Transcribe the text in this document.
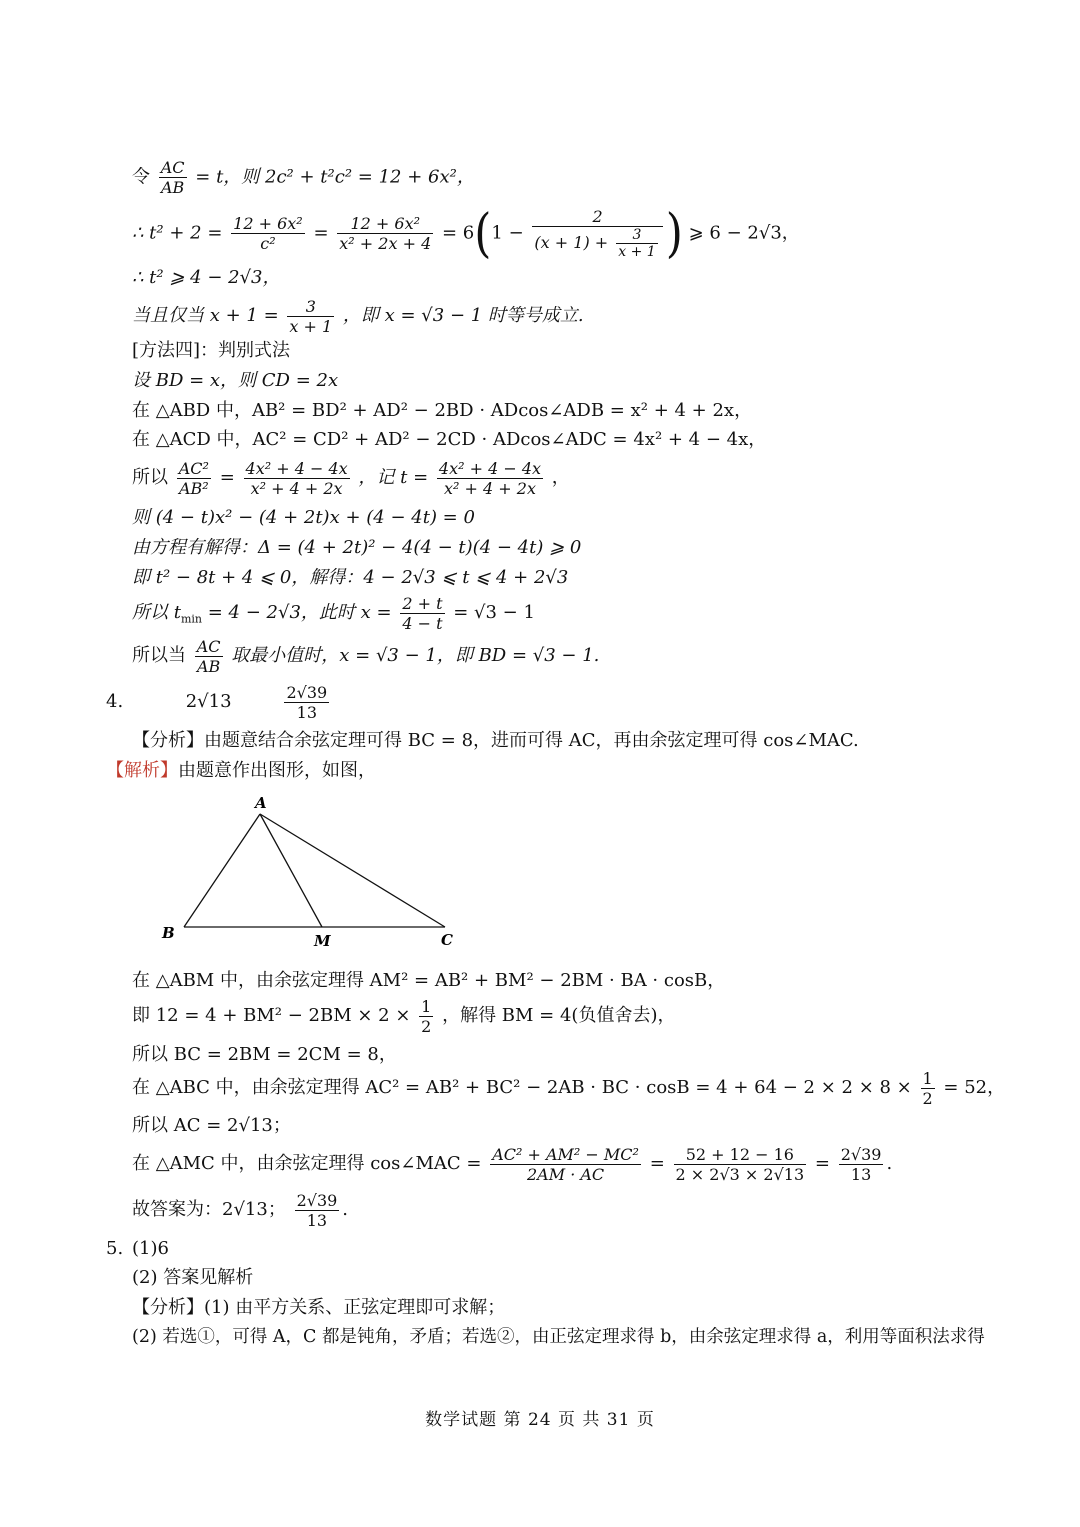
令 $\frac{AC}{AB} = t$，则 2c² + t²c² = 12 + 6x²，
∴ $t^2 + 2 = \frac{\text{12 + 6x²}}{\text{c²}} = \frac{\text{12 + 6x²}}{\text{x² + 2x + 4}} = 6(1 - \frac{2}{(x + 1) + \frac{3}{x + 1}}$ ) ⩾ 6 − 2√3，
∴ t² ⩾ 4 − 2√3，
当且仅当 $x + 1 = \frac{3}{x + 1}$ ，即 x = √3 − 1 时等号成立.
[方法四]：判别式法
设 BD = x，则 CD = 2x
在 △ABD 中，AB² = BD² + AD² − 2BD · ADcos∠ADB = x² + 4 + 2x，
在 △ACD 中，AC² = CD² + AD² − 2CD · ADcos∠ADC = 4x² + 4 − 4x，
所以 $\frac{\text{AC²}}{\text{AB²}} = \frac{\text{4x² + 4 − 4x}}{\text{x² + 4 + 2x}}$ ，记 $t = \frac{\text{4x² + 4 − 4x}}{\text{x² + 4 + 2x}}$ ，
则 (4 − t)x² − (4 + 2t)x + (4 − 4t) = 0
由方程有解得：Δ = (4 + 2t)² − 4(4 − t)(4 − 4t) ⩾ 0
即 t² − 8t + 4 ⩽ 0，解得：4 − 2√3 ⩽ t ⩽ 4 + 2√3
所以 $t_{min} = 4 - 2√3$，此时 $x = \frac{2 + t}{4 - t} = √3 - 1$
所以当 $\frac{AC}{AB}$ 取最小值时，x = √3 − 1，即 BD = √3 − 1.
4.	2√13	$\frac{2√39}{13}$
【分析】由题意结合余弦定理可得 BC = 8，进而可得 AC，再由余弦定理可得 cos∠MAC.
【解析】由题意作出图形，如图，
A
B	M	C
在 △ABM 中，由余弦定理得 AM² = AB² + BM² − 2BM · BA · cosB，
即 $12 = 4 + BM^2 - 2BM \times 2 \times \frac{1}{2}$ ，解得 BM = 4(负值舍去)，
所以 BC = 2BM = 2CM = 8，
在 △ABC 中，由余弦定理得 AC² = AB² + BC² − 2AB · BC · $\cos B = 4 + 64 - 2 \times 2 \times 8 \times \frac{1}{2} = 52$，
所以 AC = 2√13；
在 △AMC 中，由余弦定理得 cos∠MAC = $\frac{\text{AC² + AM² − MC²}}{2AM \cdot AC} = \frac{52 + 12 - 16}{2 \times 2√3 \times 2√13} = \frac{2√39}{13}$ .
故答案为：2√13； $\frac{2√39}{13}$ .
5. (1)6
(2) 答案见解析
【分析】(1) 由平方关系、正弦定理即可求解；
(2) 若选①，可得 A，C 都是钝角，矛盾；若选②，由正弦定理求得 b，由余弦定理求得 a，利用等面积法求得
数学试题 第 24 页 共 31 页
